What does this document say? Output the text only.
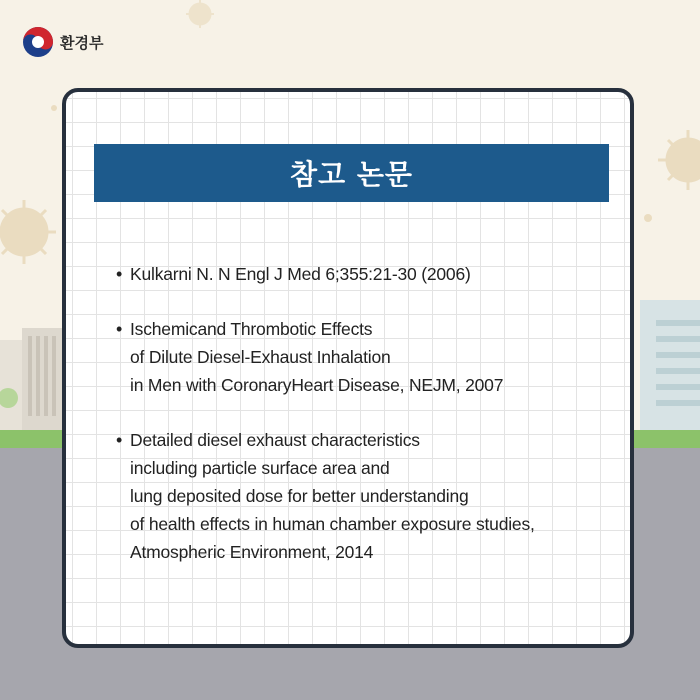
환경부
참고 논문
• Kulkarni N. N Engl J Med 6;355:21-30 (2006)
• Ischemicand Thrombotic Effects
of Dilute Diesel-Exhaust Inhalation
in Men with CoronaryHeart Disease, NEJM, 2007
• Detailed diesel exhaust characteristics
including particle surface area and
lung deposited dose for better understanding
of health effects in human chamber exposure studies,
Atmospheric Environment, 2014
